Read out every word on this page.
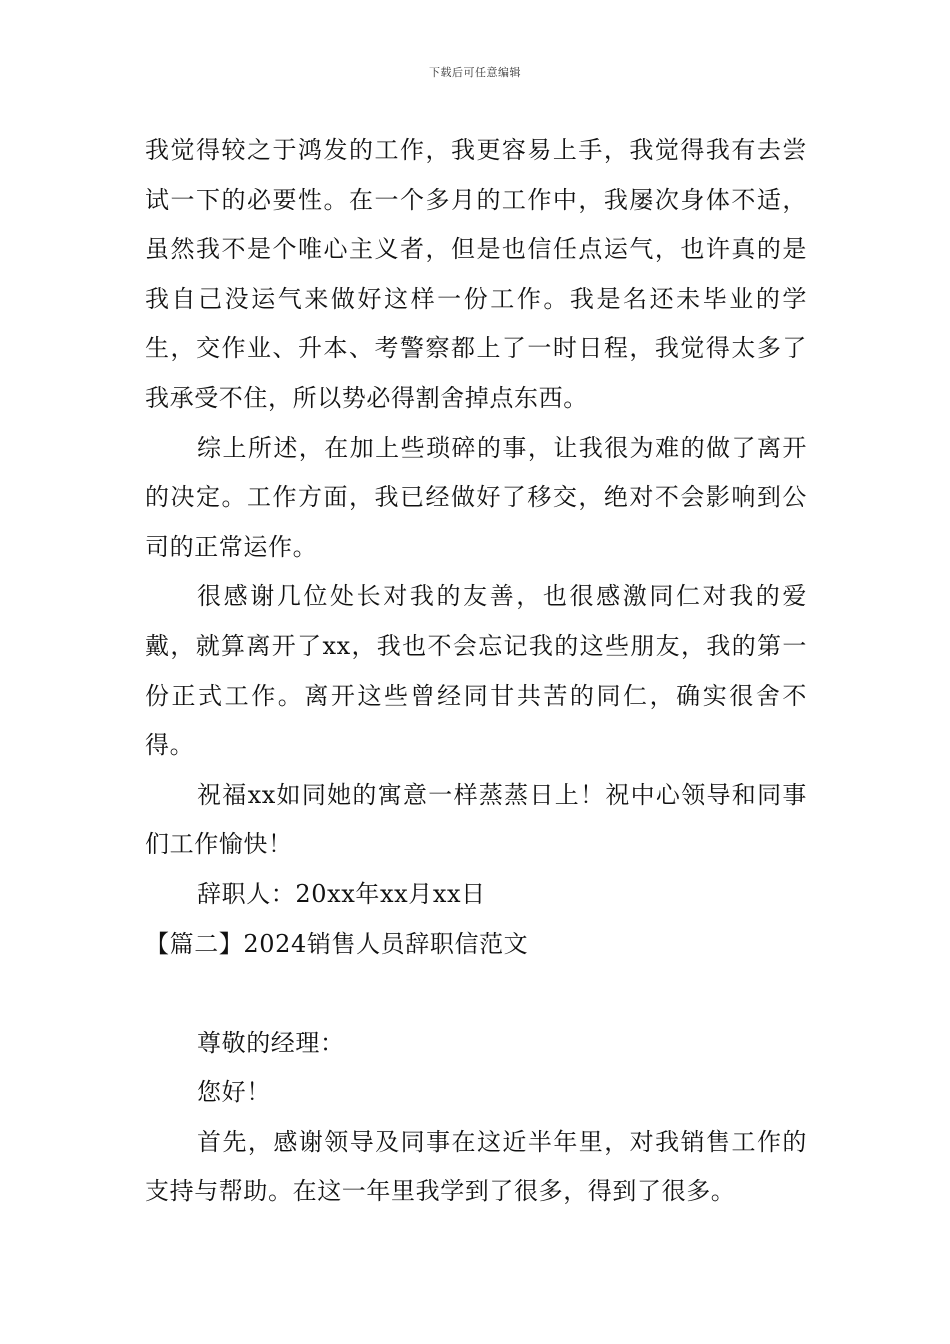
下载后可任意编辑

我觉得较之于鸿发的工作，我更容易上手，我觉得我有去尝试一下的必要性。在一个多月的工作中，我屡次身体不适，虽然我不是个唯心主义者，但是也信任点运气，也许真的是我自己没运气来做好这样一份工作。我是名还未毕业的学生，交作业、升本、考警察都上了一时日程，我觉得太多了我承受不住，所以势必得割舍掉点东西。

综上所述，在加上些琐碎的事，让我很为难的做了离开的决定。工作方面，我已经做好了移交，绝对不会影响到公司的正常运作。

很感谢几位处长对我的友善，也很感激同仁对我的爱戴，就算离开了xx，我也不会忘记我的这些朋友，我的第一份正式工作。离开这些曾经同甘共苦的同仁，确实很舍不得。

祝福xx如同她的寓意一样蒸蒸日上！祝中心领导和同事们工作愉快！

辞职人：20xx年xx月xx日

【篇二】2024销售人员辞职信范文

尊敬的经理：

您好！

首先，感谢领导及同事在这近半年里，对我销售工作的支持与帮助。在这一年里我学到了很多，得到了很多。
